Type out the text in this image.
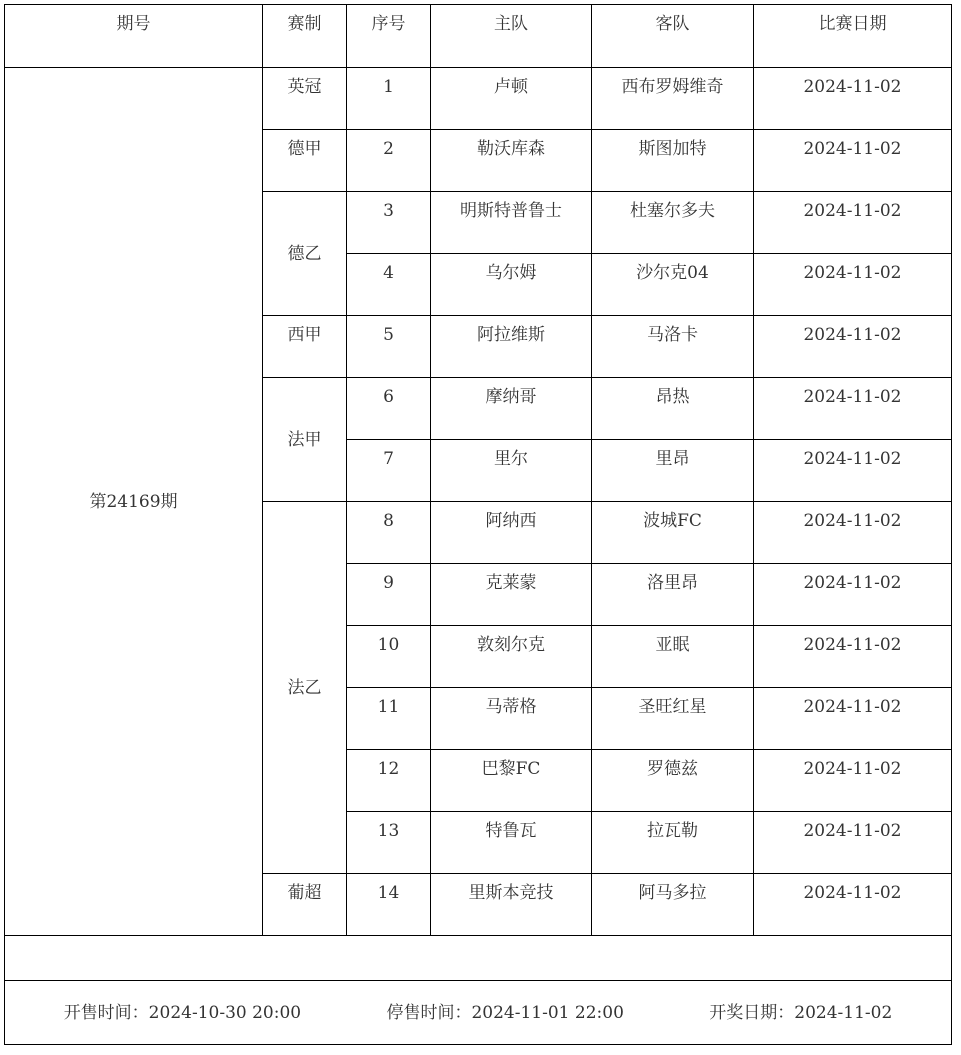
期号	赛制	序号	主队	客队	比赛日期
第24169期	英冠	1	卢顿	西布罗姆维奇	2024-11-02
	德甲	2	勒沃库森	斯图加特	2024-11-02
	德乙	3	明斯特普鲁士	杜塞尔多夫	2024-11-02
		4	乌尔姆	沙尔克04	2024-11-02
	西甲	5	阿拉维斯	马洛卡	2024-11-02
	法甲	6	摩纳哥	昂热	2024-11-02
		7	里尔	里昂	2024-11-02
	法乙	8	阿纳西	波城FC	2024-11-02
		9	克莱蒙	洛里昂	2024-11-02
		10	敦刻尔克	亚眠	2024-11-02
		11	马蒂格	圣旺红星	2024-11-02
		12	巴黎FC	罗德兹	2024-11-02
		13	特鲁瓦	拉瓦勒	2024-11-02
	葡超	14	里斯本竞技	阿马多拉	2024-11-02

开售时间：2024-10-30 20:00 停售时间：2024-11-01 22:00 开奖日期：2024-11-02					
